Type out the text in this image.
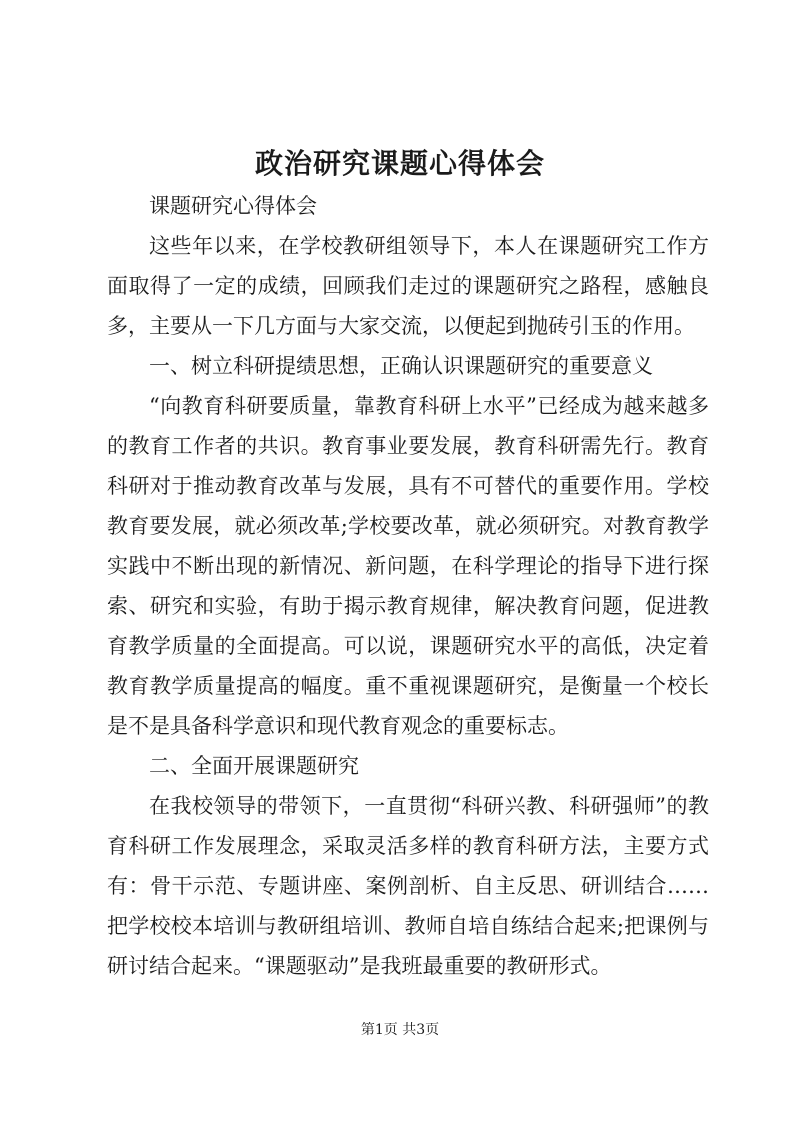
政治研究课题心得体会

课题研究心得体会

这些年以来，在学校教研组领导下，本人在课题研究工作方面取得了一定的成绩，回顾我们走过的课题研究之路程，感触良多，主要从一下几方面与大家交流，以便起到抛砖引玉的作用。

一、树立科研提绩思想，正确认识课题研究的重要意义

“向教育科研要质量，靠教育科研上水平”已经成为越来越多的教育工作者的共识。教育事业要发展，教育科研需先行。教育科研对于推动教育改革与发展，具有不可替代的重要作用。学校教育要发展，就必须改革;学校要改革，就必须研究。对教育教学实践中不断出现的新情况、新问题，在科学理论的指导下进行探索、研究和实验，有助于揭示教育规律，解决教育问题，促进教育教学质量的全面提高。可以说，课题研究水平的高低，决定着教育教学质量提高的幅度。重不重视课题研究，是衡量一个校长是不是具备科学意识和现代教育观念的重要标志。

二、全面开展课题研究

在我校领导的带领下，一直贯彻“科研兴教、科研强师”的教育科研工作发展理念，采取灵活多样的教育科研方法，主要方式有：骨干示范、专题讲座、案例剖析、自主反思、研训结合……把学校校本培训与教研组培训、教师自培自练结合起来;把课例与研讨结合起来。“课题驱动”是我班最重要的教研形式。

第1页 共3页
